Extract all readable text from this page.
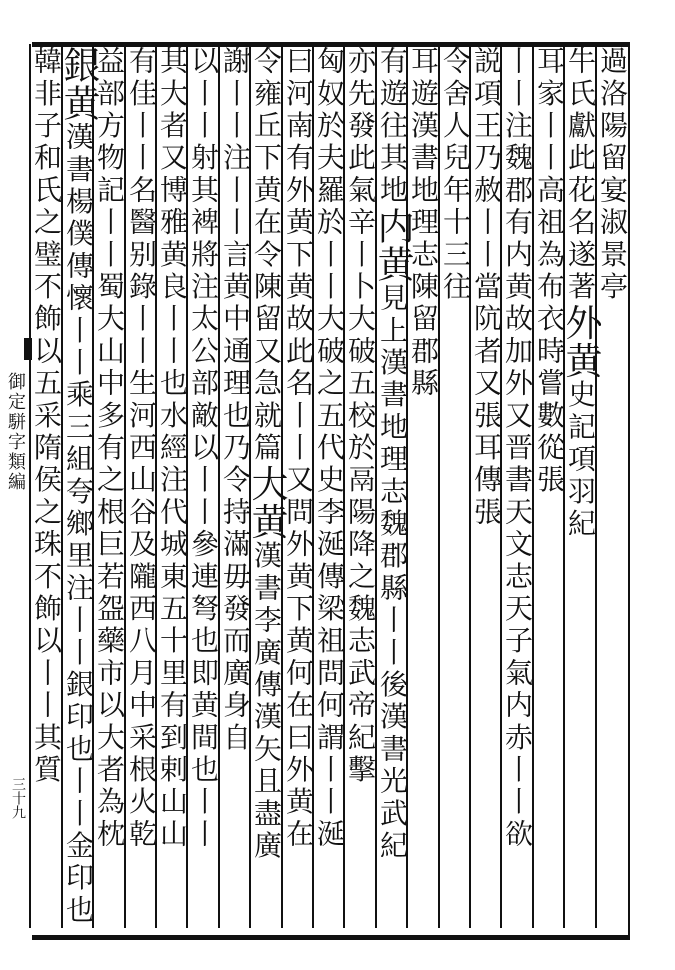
御定駢字類編
三十九
過洛陽留宴淑景亭
牛氏獻此花名遂著外黄史記項羽紀
耳家丨丨高祖為布衣時嘗數從張
丨丨注魏郡有内黄故加外又晋書天文志天子氣内赤丨丨欲
説項王乃赦丨丨當阬者又張耳傳張
令舍人兒年十三往
耳遊漢書地理志陳留郡縣
有遊往其地内黄見上漢書地理志魏郡縣丨丨後漢書光武紀
亦先發此氣辛丨卜大破五校於鬲陽降之魏志武帝紀擊
匈奴於夫羅於丨丨大破之五代史李涎傳梁祖問何謂丨丨涎
曰河南有外黄下黄故此名丨丨又問外黄下黄何在曰外黄在
令雍丘下黄在令陳留又急就篇大黄漢書李廣傳漢矢且盡廣
謝丨丨注丨丨言黄中通理也乃令持滿毋發而廣身自
以丨丨射其裨將注太公部敵以丨丨參連弩也即黄間也丨丨
其大者又博雅黄良丨丨也水經注代城東五十里有到剌山山
有佳丨丨名醫别錄丨丨生河西山谷及隴西八月中采根火乾
益部方物記丨丨蜀大山中多有之根巨若盌藥市以大者為枕
銀黄漢書楊僕傳懷丨丨乘三組夸鄉里注丨丨銀印也丨丨金印也
韓非子和氏之璧不飾以五采隋侯之珠不飾以丨丨其質
